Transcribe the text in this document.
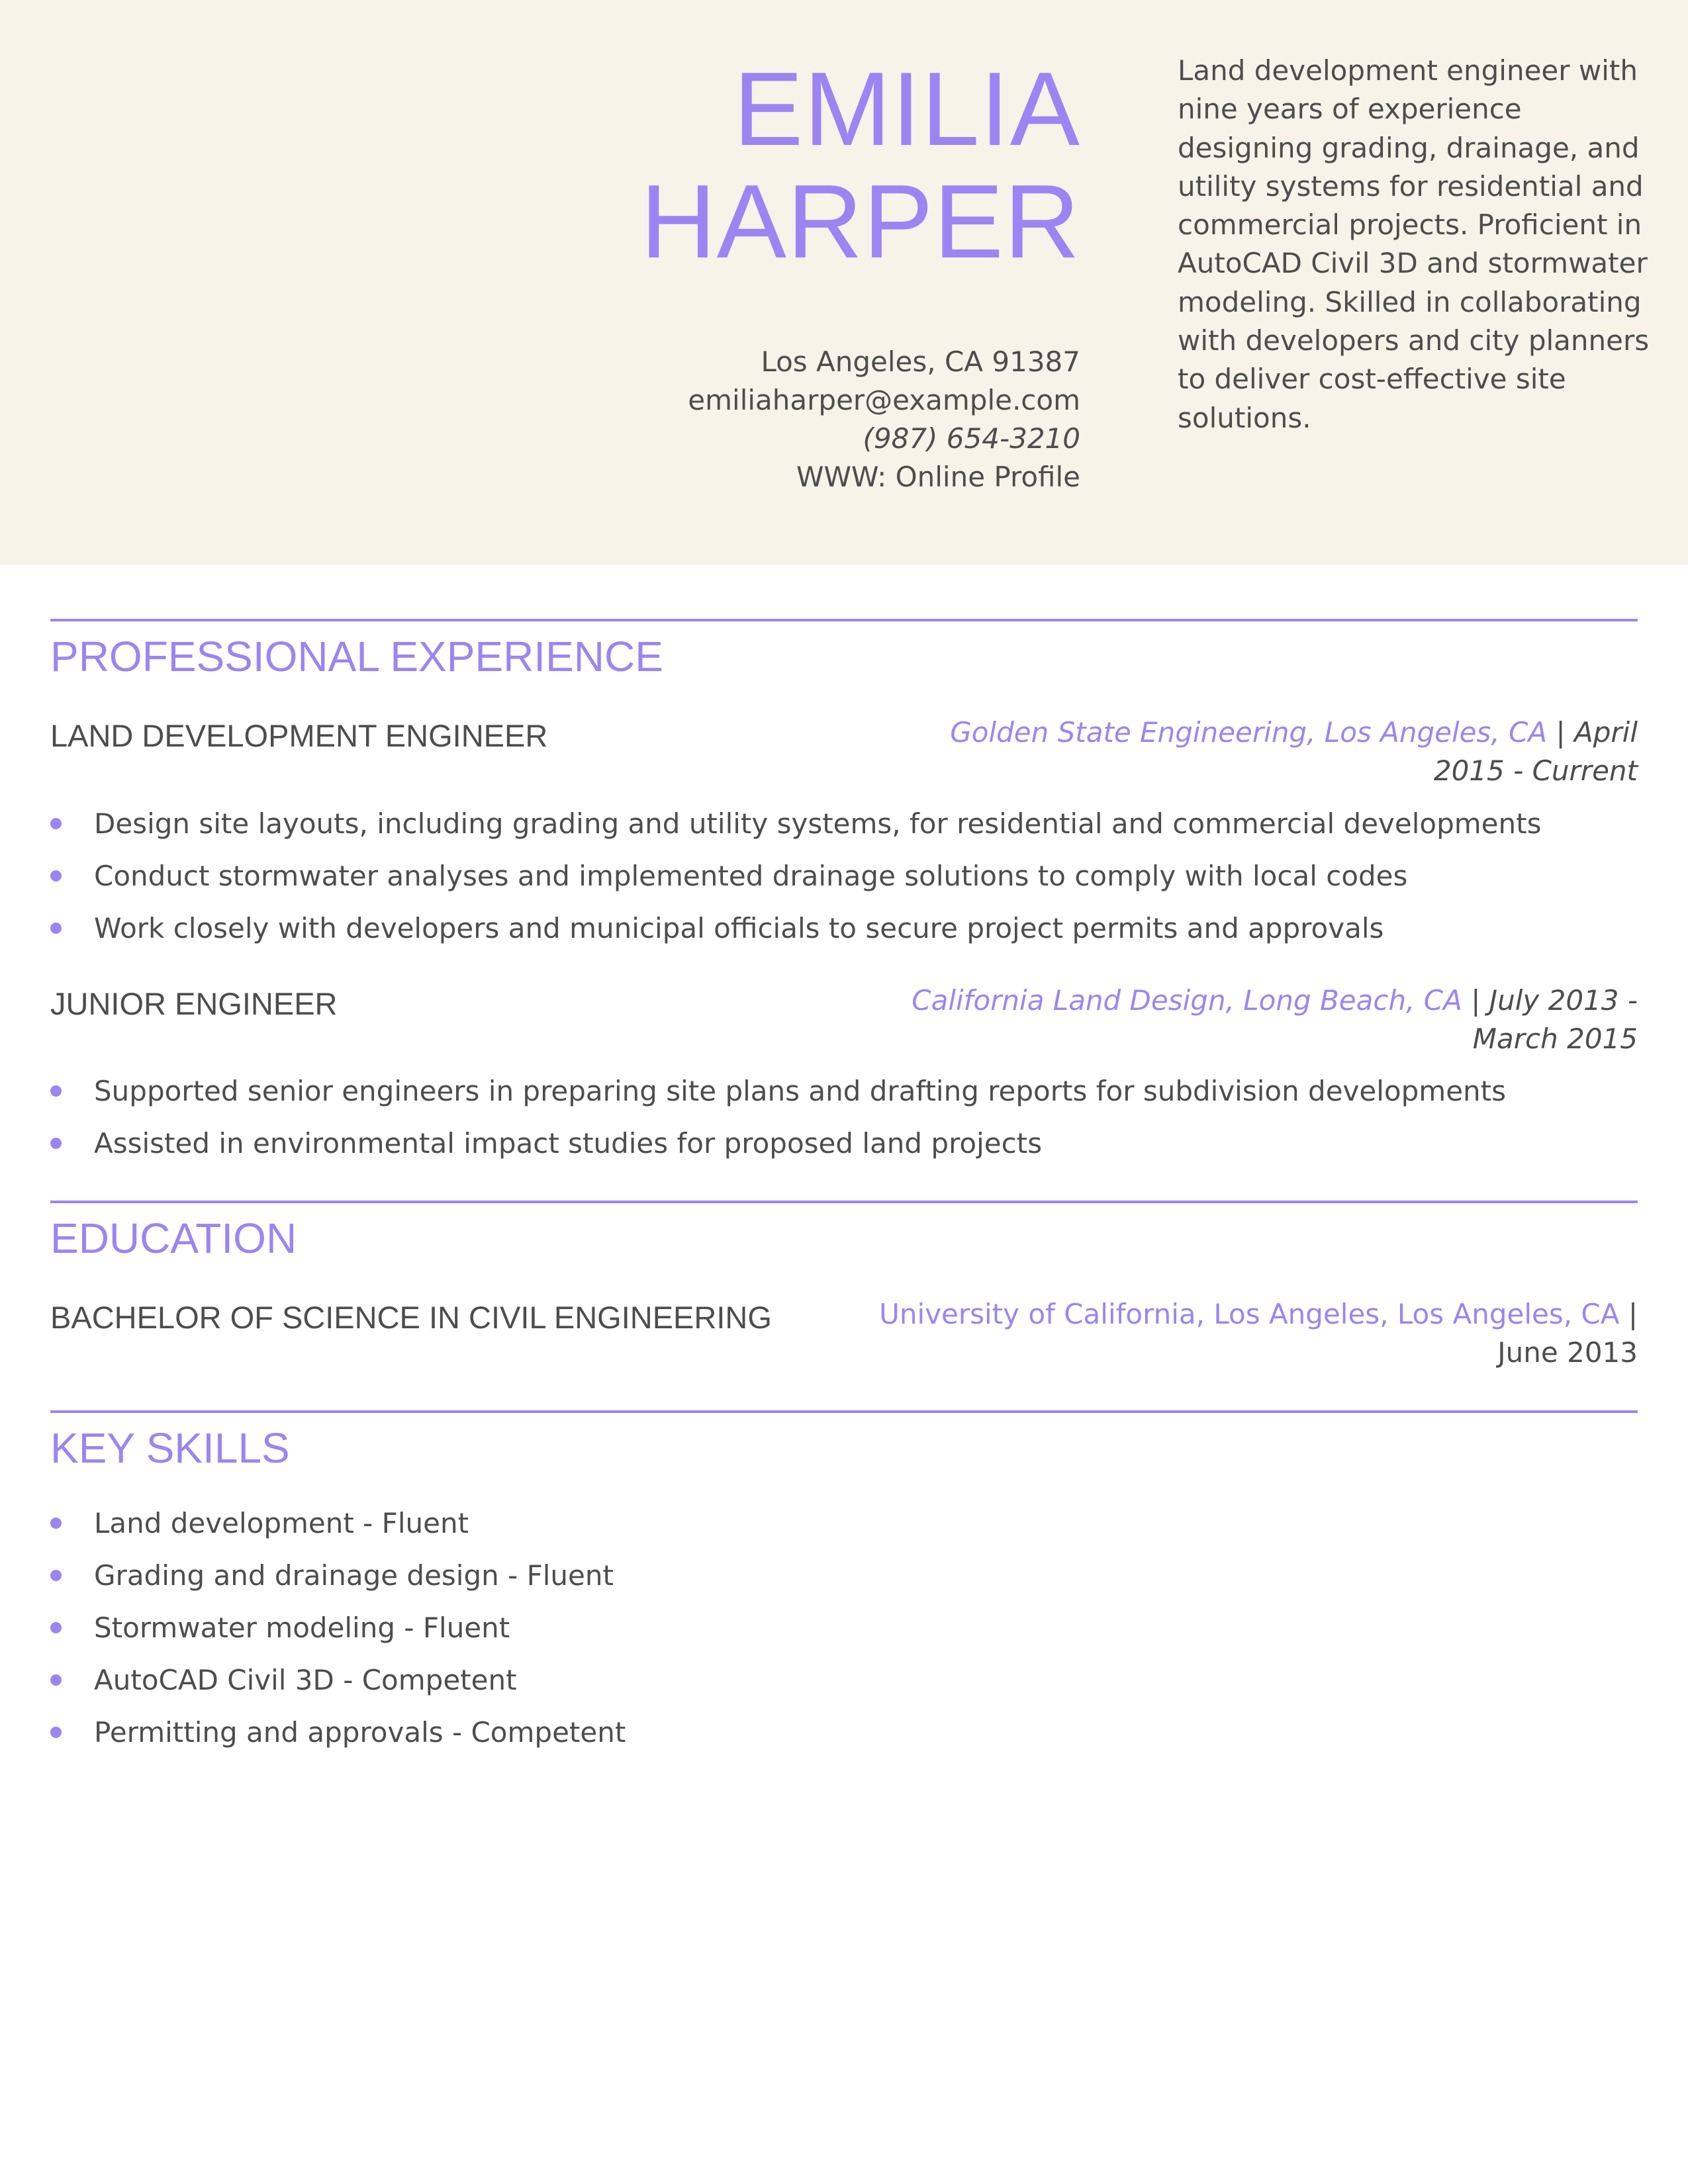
EMILIA
HARPER
Los Angeles, CA 91387
emiliaharper@example.com
(987) 654-3210
WWW: Online Profile
Land development engineer with nine years of experience designing grading, drainage, and utility systems for residential and commercial projects. Proficient in AutoCAD Civil 3D and stormwater modeling. Skilled in collaborating with developers and city planners to deliver cost-effective site solutions.
PROFESSIONAL EXPERIENCE
LAND DEVELOPMENT ENGINEER	Golden State Engineering, Los Angeles, CA | April 2015 - Current
Design site layouts, including grading and utility systems, for residential and commercial developments
Conduct stormwater analyses and implemented drainage solutions to comply with local codes
Work closely with developers and municipal officials to secure project permits and approvals
JUNIOR ENGINEER	California Land Design, Long Beach, CA | July 2013 - March 2015
Supported senior engineers in preparing site plans and drafting reports for subdivision developments
Assisted in environmental impact studies for proposed land projects
EDUCATION
BACHELOR OF SCIENCE IN CIVIL ENGINEERING	University of California, Los Angeles, Los Angeles, CA | June 2013
KEY SKILLS
Land development - Fluent
Grading and drainage design - Fluent
Stormwater modeling - Fluent
AutoCAD Civil 3D - Competent
Permitting and approvals - Competent
